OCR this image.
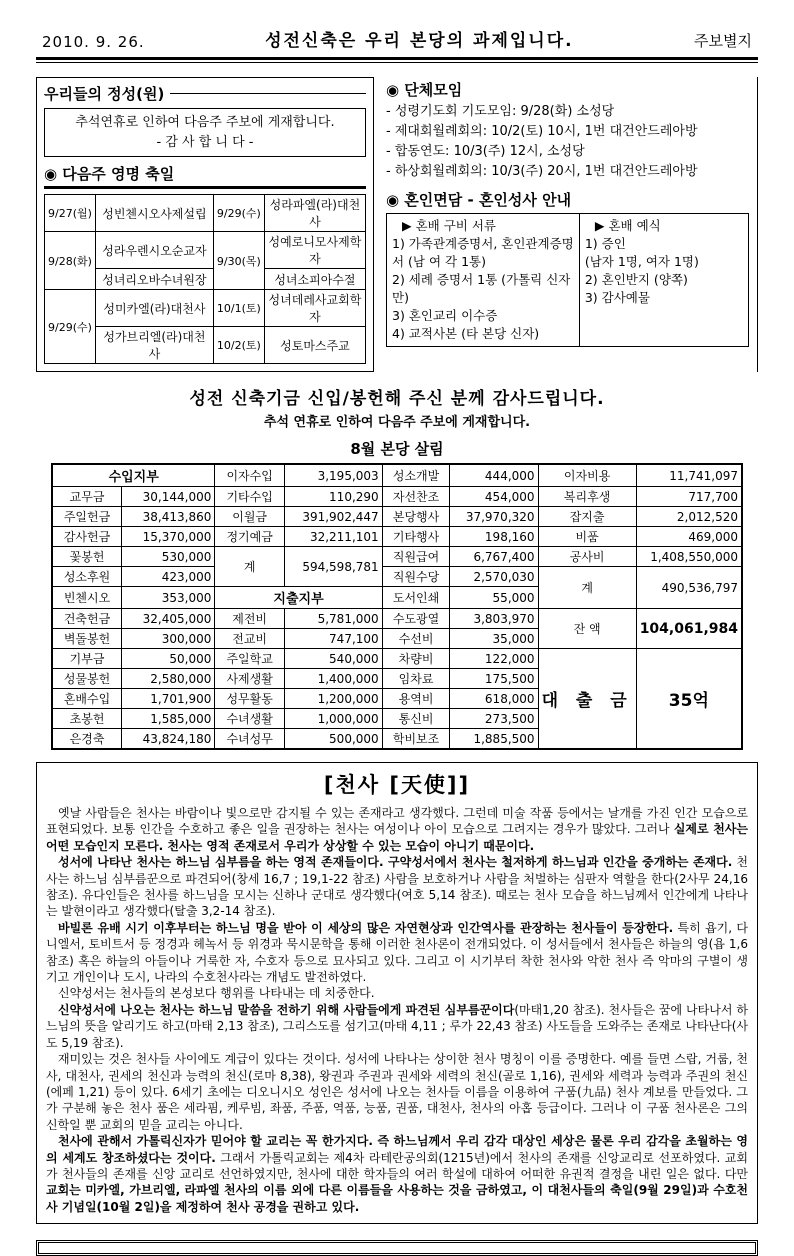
2010. 9. 26.	성전신축은 우리 본당의 과제입니다.	주보별지
우리들의 정성(원)
추석연휴로 인하여 다음주 주보에 게재합니다.
- 감 사 합 니 다 -
◉ 다음주 영명 축일
9/27(월)	성빈첸시오사제설립	9/29(수)	성라파엘(라)대천사
9/28(화)	성라우렌시오순교자	9/30(목)	성예로니모사제학자
	성녀리오바수녀원장		성녀소피아수절
9/29(수)	성미카엘(라)대천사	10/1(토)	성녀데레사교회학자
	성가브리엘(라)대천사	10/2(토)	성토마스주교
◉ 단체모임
- 성령기도회 기도모임: 9/28(화) 소성당
- 제대회월례회의: 10/2(토) 10시, 1번 대건안드레아방
- 합동연도: 10/3(주) 12시, 소성당
- 하상회월례회의: 10/3(주) 20시, 1번 대건안드레아방
◉ 혼인면담 - 혼인성사 안내
▶ 혼배 구비 서류
1) 가족관계증명서, 혼인관계증명서 (남 여 각 1통)
2) 세례 증명서 1통 (가톨릭 신자만)
3) 혼인교리 이수증
4) 교적사본 (타 본당 신자)
▶ 혼배 예식
1) 증인
(남자 1명, 여자 1명)
2) 혼인반지 (양쪽)
3) 감사예물
성전 신축기금 신입/봉헌해 주신 분께 감사드립니다.
추석 연휴로 인하여 다음주 주보에 게재합니다.
8월 본당 살림
수입지부		이자수입	3,195,003	성소개발	444,000	이자비용	11,741,097
교무금	30,144,000	기타수입	110,290	자선찬조	454,000	복리후생	717,700
주일헌금	38,413,860	이월금	391,902,447	본당행사	37,970,320	잡지출	2,012,520
감사헌금	15,370,000	정기예금	32,211,101	기타행사	198,160	비품	469,000
꽃봉헌	530,000	계	594,598,781	직원급여	6,767,400	공사비	1,408,550,000
성소후원	423,000			직원수당	2,570,030	계	490,536,797
빈첸시오	353,000	지출지부		도서인쇄	55,000		
건축헌금	32,405,000	제전비	5,781,000	수도광열	3,803,970	잔 액	104,061,984
벽돌봉헌	300,000	전교비	747,100	수선비	35,000		
기부금	50,000	주일학교	540,000	차량비	122,000	대 출 금	35억
성물봉헌	2,580,000	사제생활	1,400,000	임차료	175,500		
혼배수입	1,701,900	성무활동	1,200,000	용역비	618,000		
초봉헌	1,585,000	수녀생활	1,000,000	통신비	273,500		
은경축	43,824,180	수녀성무	500,000	학비보조	1,885,500		
[천사 [天使]]

옛날 사람들은 천사는 바람이나 빛으로만 감지될 수 있는 존재라고 생각했다. 그런데 미술 작품 등에서는 날개를 가진 인간 모습으로 표현되었다. 보통 인간을 수호하고 좋은 일을 권장하는 천사는 여성이나 아이 모습으로 그려지는 경우가 많았다. 그러나 실제로 천사는 어떤 모습인지 모른다. 천사는 영적 존재로서 우리가 상상할 수 있는 모습이 아니기 때문이다.

성서에 나타난 천사는 하느님 심부름을 하는 영적 존재들이다. 구약성서에서 천사는 철저하게 하느님과 인간을 중개하는 존재다. 천사는 하느님 심부름꾼으로 파견되어(창세 16,7 ; 19,1-22 참조) 사람을 보호하거나 사람을 처벌하는 심판자 역할을 한다(2사무 24,16 참조). 유다인들은 천사를 하느님을 모시는 신하나 군대로 생각했다(여호 5,14 참조). 때로는 천사 모습을 하느님께서 인간에게 나타나는 발현이라고 생각했다(탈출 3,2-14 참조).

바빌론 유배 시기 이후부터는 하느님 명을 받아 이 세상의 많은 자연현상과 인간역사를 관장하는 천사들이 등장한다. 특히 욥기, 다니엘서, 토비트서 등 정경과 헤녹서 등 위경과 묵시문학을 통해 이러한 천사론이 전개되었다. 이 성서들에서 천사들은 하늘의 영(욥 1,6 참조) 혹은 하늘의 아들이나 거룩한 자, 수호자 등으로 묘사되고 있다. 그리고 이 시기부터 착한 천사와 악한 천사 즉 악마의 구별이 생기고 개인이나 도시, 나라의 수호천사라는 개념도 발전하였다.

신약성서는 천사들의 본성보다 행위를 나타내는 데 치중한다.

신약성서에 나오는 천사는 하느님 말씀을 전하기 위해 사람들에게 파견된 심부름꾼이다(마태1,20 참조). 천사들은 꿈에 나타나서 하느님의 뜻을 알리기도 하고(마태 2,13 참조), 그리스도를 섬기고(마태 4,11 ; 루가 22,43 참조) 사도들을 도와주는 존재로 나타난다(사도 5,19 참조).

재미있는 것은 천사들 사이에도 계급이 있다는 것이다. 성서에 나타나는 상이한 천사 명칭이 이를 증명한다. 예를 들면 스랍, 거룹, 천사, 대천사, 권세의 천신과 능력의 천신(로마 8,38), 왕권과 주권과 권세와 세력의 천신(골로 1,16), 권세와 세력과 능력과 주권의 천신(에페 1,21) 등이 있다. 6세기 초에는 디오니시오 성인은 성서에 나오는 천사들 이름을 이용하여 구품(九品) 천사 계보를 만들었다. 그가 구분해 놓은 천사 품은 세라핌, 케루빔, 좌품, 주품, 역품, 능품, 권품, 대천사, 천사의 아홉 등급이다. 그러나 이 구품 천사론은 그의 신학일 뿐 교회의 믿을 교리는 아니다.

천사에 관해서 가톨릭신자가 믿어야 할 교리는 꼭 한가지다. 즉 하느님께서 우리 감각 대상인 세상은 물론 우리 감각을 초월하는 영의 세계도 창조하셨다는 것이다. 그래서 가톨릭교회는 제4차 라테란공의회(1215년)에서 천사의 존재를 신앙교리로 선포하였다. 교회가 천사들의 존재를 신앙 교리로 선언하였지만, 천사에 대한 학자들의 여러 학설에 대하여 어떠한 유권적 결정을 내린 일은 없다. 다만 교회는 미카엘, 가브리엘, 라파엘 천사의 이름 외에 다른 이름들을 사용하는 것을 금하였고, 이 대천사들의 축일(9월 29일)과 수호천사 기념일(10월 2일)을 제정하여 천사 공경을 권하고 있다.
